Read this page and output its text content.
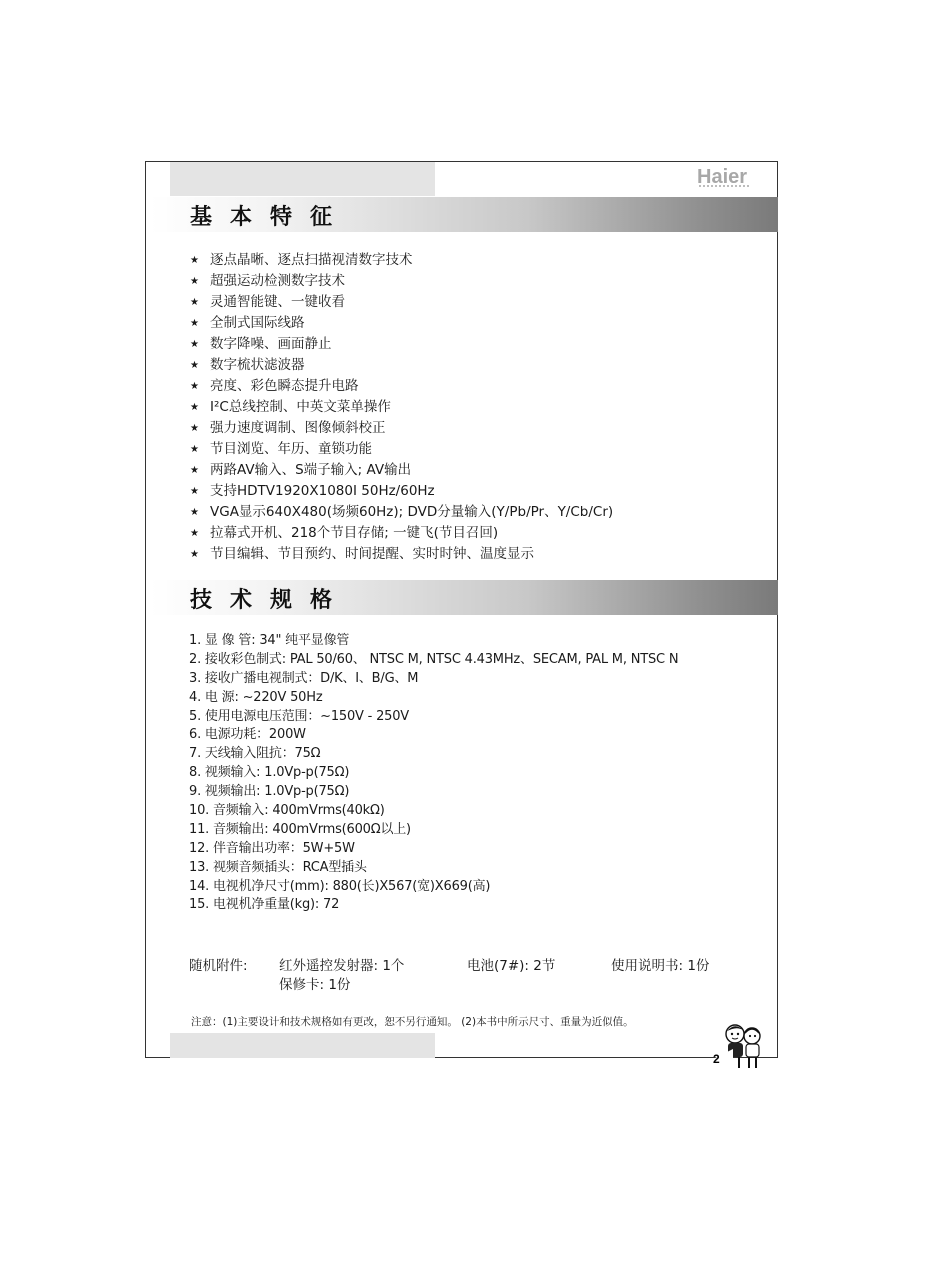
Haier
基本特征
★ 逐点晶晰、逐点扫描视清数字技术
★ 超强运动检测数字技术
★ 灵通智能键、一键收看
★ 全制式国际线路
★ 数字降噪、画面静止
★ 数字梳状滤波器
★ 亮度、彩色瞬态提升电路
★ I²C总线控制、中英文菜单操作
★ 强力速度调制、图像倾斜校正
★ 节目浏览、年历、童锁功能
★ 两路AV输入、S端子输入; AV输出
★ 支持HDTV1920X1080I 50Hz/60Hz
★ VGA显示640X480(场频60Hz); DVD分量输入(Y/Pb/Pr、Y/Cb/Cr)
★ 拉幕式开机、218个节目存储; 一键飞(节目召回)
★ 节目编辑、节目预约、时间提醒、实时时钟、温度显示
技术规格
1. 显 像 管: 34" 纯平显像管
2. 接收彩色制式: PAL 50/60、 NTSC M, NTSC 4.43MHz、SECAM, PAL M, NTSC N
3. 接收广播电视制式：D/K、I、B/G、M
4. 电 源: ~220V 50Hz
5. 使用电源电压范围：~150V - 250V
6. 电源功耗：200W
7. 天线输入阻抗：75Ω
8. 视频输入: 1.0Vp-p(75Ω)
9. 视频输出: 1.0Vp-p(75Ω)
10. 音频输入: 400mVrms(40kΩ)
11. 音频输出: 400mVrms(600Ω以上)
12. 伴音输出功率：5W+5W
13. 视频音频插头：RCA型插头
14. 电视机净尺寸(mm): 880(长)X567(宽)X669(高)
15. 电视机净重量(kg): 72
随机附件: 红外遥控发射器: 1个	电池(7#): 2节	使用说明书: 1份
保修卡: 1份
注意：(1)主要设计和技术规格如有更改，恕不另行通知。 (2)本书中所示尺寸、重量为近似值。
2
